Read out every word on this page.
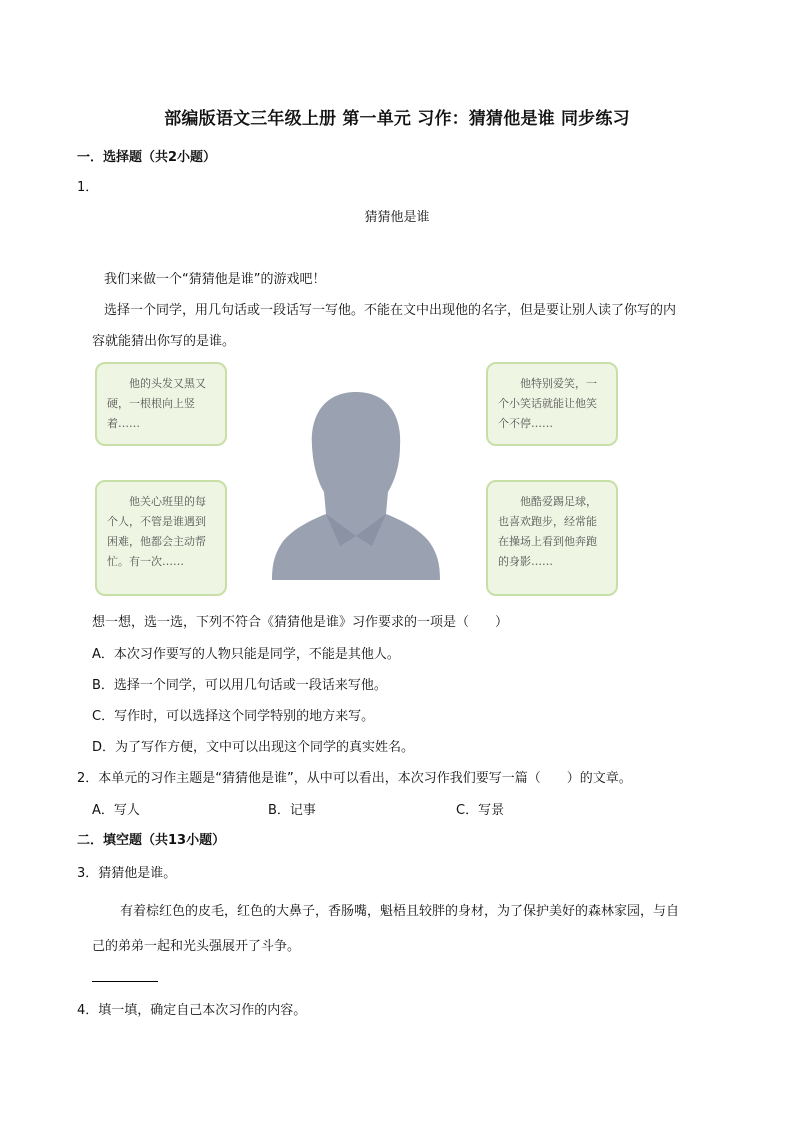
部编版语文三年级上册 第一单元 习作：猜猜他是谁 同步练习
一．选择题（共2小题）
1．
猜猜他是谁
我们来做一个“猜猜他是谁”的游戏吧！
选择一个同学，用几句话或一段话写一写他。不能在文中出现他的名字，但是要让别人读了你写的内
容就能猜出你写的是谁。
他的头发又黑又硬，一根根向上竖着……
他特别爱笑，一个小笑话就能让他笑个不停……
他关心班里的每个人，不管是谁遇到困难，他都会主动帮忙。有一次……
他酷爱踢足球，也喜欢跑步，经常能在操场上看到他奔跑的身影……
想一想，选一选，下列不符合《猜猜他是谁》习作要求的一项是（　　）
A．本次习作要写的人物只能是同学，不能是其他人。
B．选择一个同学，可以用几句话或一段话来写他。
C．写作时，可以选择这个同学特别的地方来写。
D．为了写作方便，文中可以出现这个同学的真实姓名。
2．本单元的习作主题是“猜猜他是谁”，从中可以看出，本次习作我们要写一篇（　　）的文章。
A．写人	B．记事	C．写景
二．填空题（共13小题）
3．猜猜他是谁。
有着棕红色的皮毛，红色的大鼻子，香肠嘴，魁梧且较胖的身材，为了保护美好的森林家园，与自
己的弟弟一起和光头强展开了斗争。
4．填一填，确定自己本次习作的内容。
